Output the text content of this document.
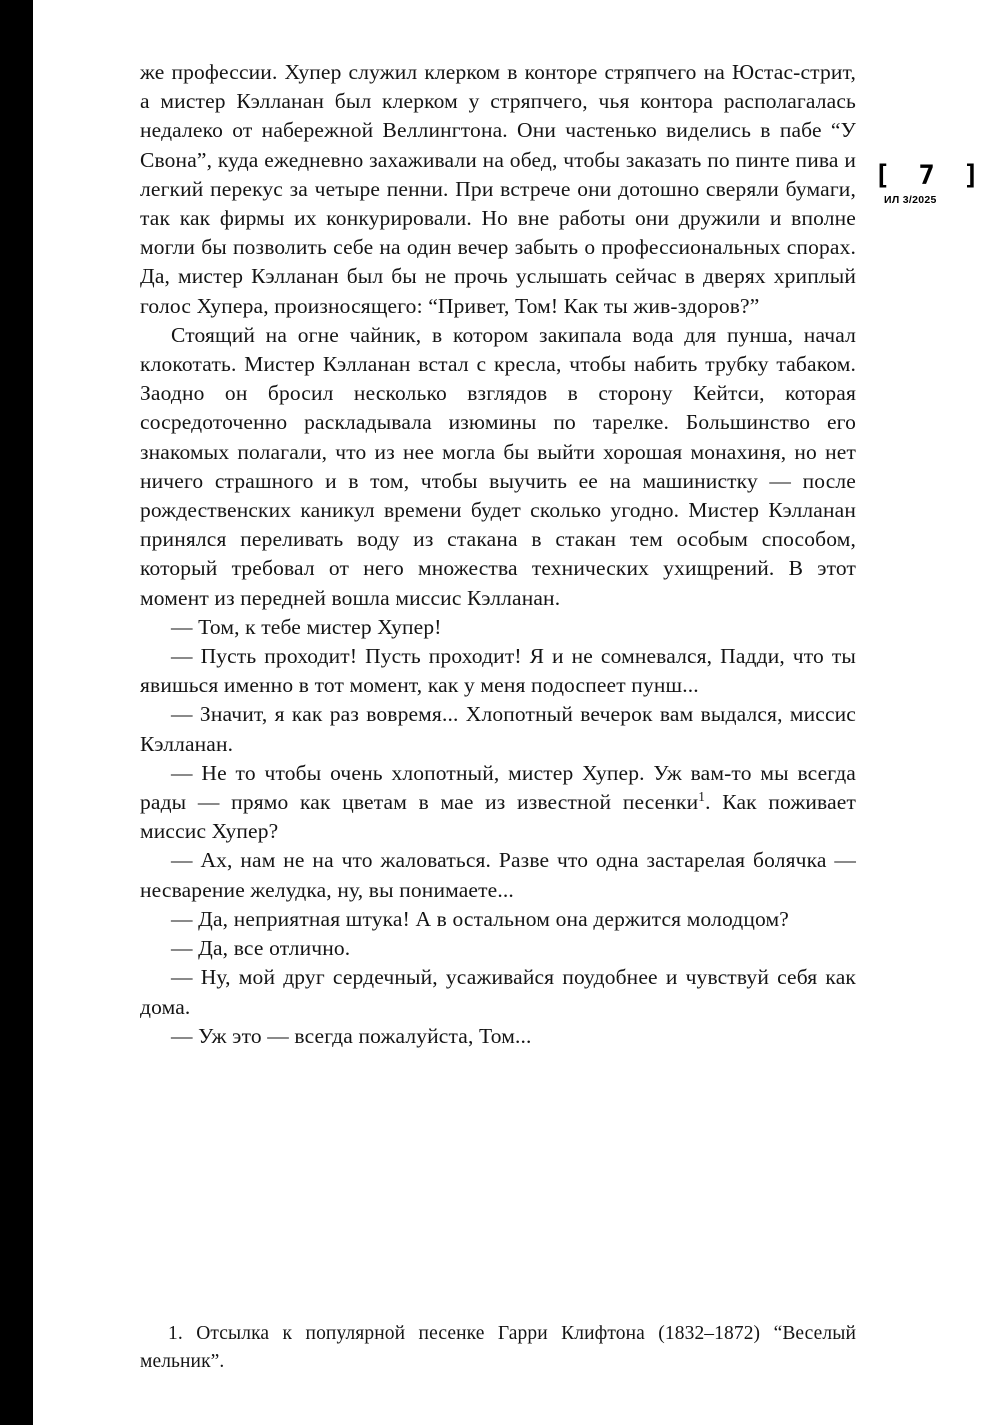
[ 7 ]
ИЛ 3/2025

же профессии. Хупер служил клерком в конторе стряпчего на Юстас-стрит, а мистер Кэлланан был клерком у стряпчего, чья контора располагалась недалеко от набережной Веллингтона. Они частенько виделись в пабе “У Свона”, куда ежедневно захаживали на обед, чтобы заказать по пинте пива и легкий перекус за четыре пенни. При встрече они дотошно сверяли бумаги, так как фирмы их конкурировали. Но вне работы они дружили и вполне могли бы позволить себе на один вечер забыть о профессиональных спорах. Да, мистер Кэлланан был бы не прочь услышать сейчас в дверях хриплый голос Хупера, произносящего: “Привет, Том! Как ты жив-здоров?”

Стоящий на огне чайник, в котором закипала вода для пунша, начал клокотать. Мистер Кэлланан встал с кресла, чтобы набить трубку табаком. Заодно он бросил несколько взглядов в сторону Кейтси, которая сосредоточенно раскладывала изюмины по тарелке. Большинство его знакомых полагали, что из нее могла бы выйти хорошая монахиня, но нет ничего страшного и в том, чтобы выучить ее на машинистку — после рождественских каникул времени будет сколько угодно. Мистер Кэлланан принялся переливать воду из стакана в стакан тем особым способом, который требовал от него множества технических ухищрений. В этот момент из передней вошла миссис Кэлланан.

— Том, к тебе мистер Хупер!

— Пусть проходит! Пусть проходит! Я и не сомневался, Падди, что ты явишься именно в тот момент, как у меня подоспеет пунш...

— Значит, я как раз вовремя... Хлопотный вечерок вам выдался, миссис Кэлланан.

— Не то чтобы очень хлопотный, мистер Хупер. Уж вам-то мы всегда рады — прямо как цветам в мае из известной песенки$^1$. Как поживает миссис Хупер?

— Ах, нам не на что жаловаться. Разве что одна застарелая болячка — несварение желудка, ну, вы понимаете...

— Да, неприятная штука! А в остальном она держится молодцом?

— Да, все отлично.

— Ну, мой друг сердечный, усаживайся поудобнее и чувствуй себя как дома.

— Уж это — всегда пожалуйста, Том...

1. Отсылка к популярной песенке Гарри Клифтона (1832–1872) “Веселый мельник”.
